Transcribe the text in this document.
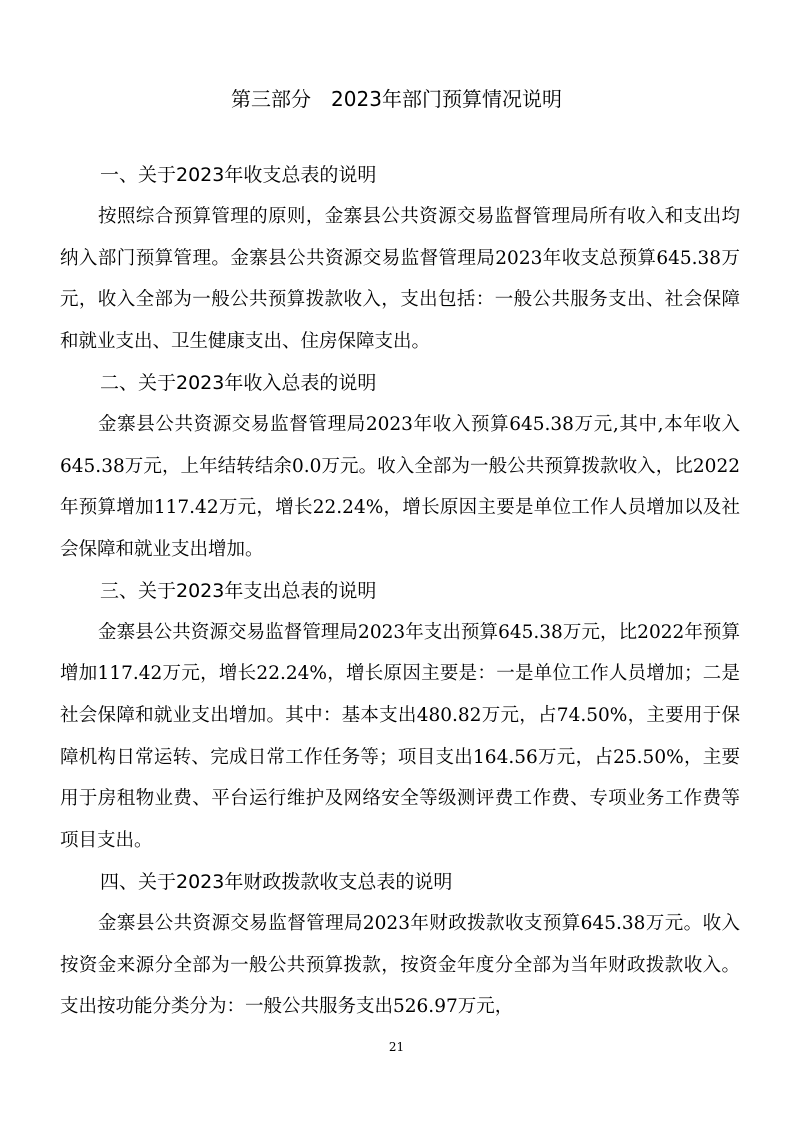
第三部分　2023年部门预算情况说明
一、关于2023年收支总表的说明

按照综合预算管理的原则，金寨县公共资源交易监督管理局所有收入和支出均纳入部门预算管理。金寨县公共资源交易监督管理局2023年收支总预算645.38万元，收入全部为一般公共预算拨款收入，支出包括：一般公共服务支出、社会保障和就业支出、卫生健康支出、住房保障支出。

二、关于2023年收入总表的说明

金寨县公共资源交易监督管理局2023年收入预算645.38万元,其中,本年收入645.38万元，上年结转结余0.0万元。收入全部为一般公共预算拨款收入，比2022年预算增加117.42万元，增长22.24%，增长原因主要是单位工作人员增加以及社会保障和就业支出增加。

三、关于2023年支出总表的说明

金寨县公共资源交易监督管理局2023年支出预算645.38万元，比2022年预算增加117.42万元，增长22.24%，增长原因主要是：一是单位工作人员增加；二是社会保障和就业支出增加。其中：基本支出480.82万元，占74.50%，主要用于保障机构日常运转、完成日常工作任务等；项目支出164.56万元，占25.50%，主要用于房租物业费、平台运行维护及网络安全等级测评费工作费、专项业务工作费等项目支出。

四、关于2023年财政拨款收支总表的说明

金寨县公共资源交易监督管理局2023年财政拨款收支预算645.38万元。收入按资金来源分全部为一般公共预算拨款，按资金年度分全部为当年财政拨款收入。支出按功能分类分为：一般公共服务支出526.97万元，

21
